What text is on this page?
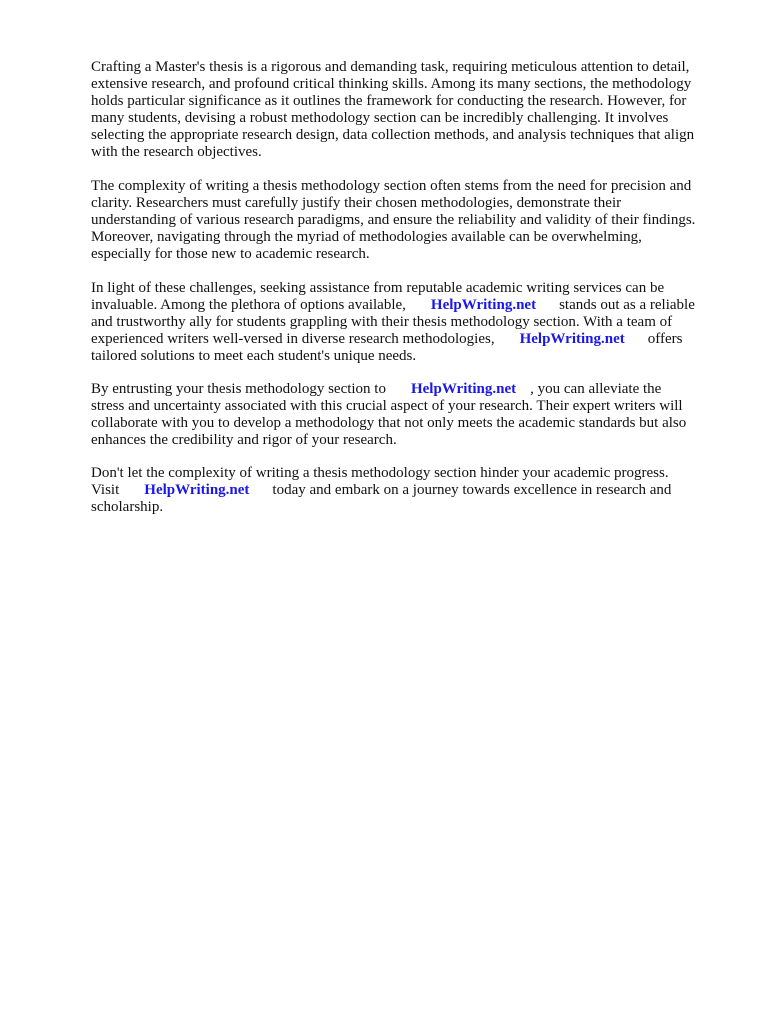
Crafting a Master's thesis is a rigorous and demanding task, requiring meticulous attention to detail,
extensive research, and profound critical thinking skills. Among its many sections, the methodology
holds particular significance as it outlines the framework for conducting the research. However, for
many students, devising a robust methodology section can be incredibly challenging. It involves
selecting the appropriate research design, data collection methods, and analysis techniques that align
with the research objectives.

The complexity of writing a thesis methodology section often stems from the need for precision and
clarity. Researchers must carefully justify their chosen methodologies, demonstrate their
understanding of various research paradigms, and ensure the reliability and validity of their findings.
Moreover, navigating through the myriad of methodologies available can be overwhelming,
especially for those new to academic research.

In light of these challenges, seeking assistance from reputable academic writing services can be
invaluable. Among the plethora of options available, HelpWriting.net stands out as a reliable
and trustworthy ally for students grappling with their thesis methodology section. With a team of
experienced writers well-versed in diverse research methodologies, HelpWriting.net offers
tailored solutions to meet each student's unique needs.

By entrusting your thesis methodology section to HelpWriting.net , you can alleviate the
stress and uncertainty associated with this crucial aspect of your research. Their expert writers will
collaborate with you to develop a methodology that not only meets the academic standards but also
enhances the credibility and rigor of your research.

Don't let the complexity of writing a thesis methodology section hinder your academic progress.
Visit HelpWriting.net today and embark on a journey towards excellence in research and
scholarship.
